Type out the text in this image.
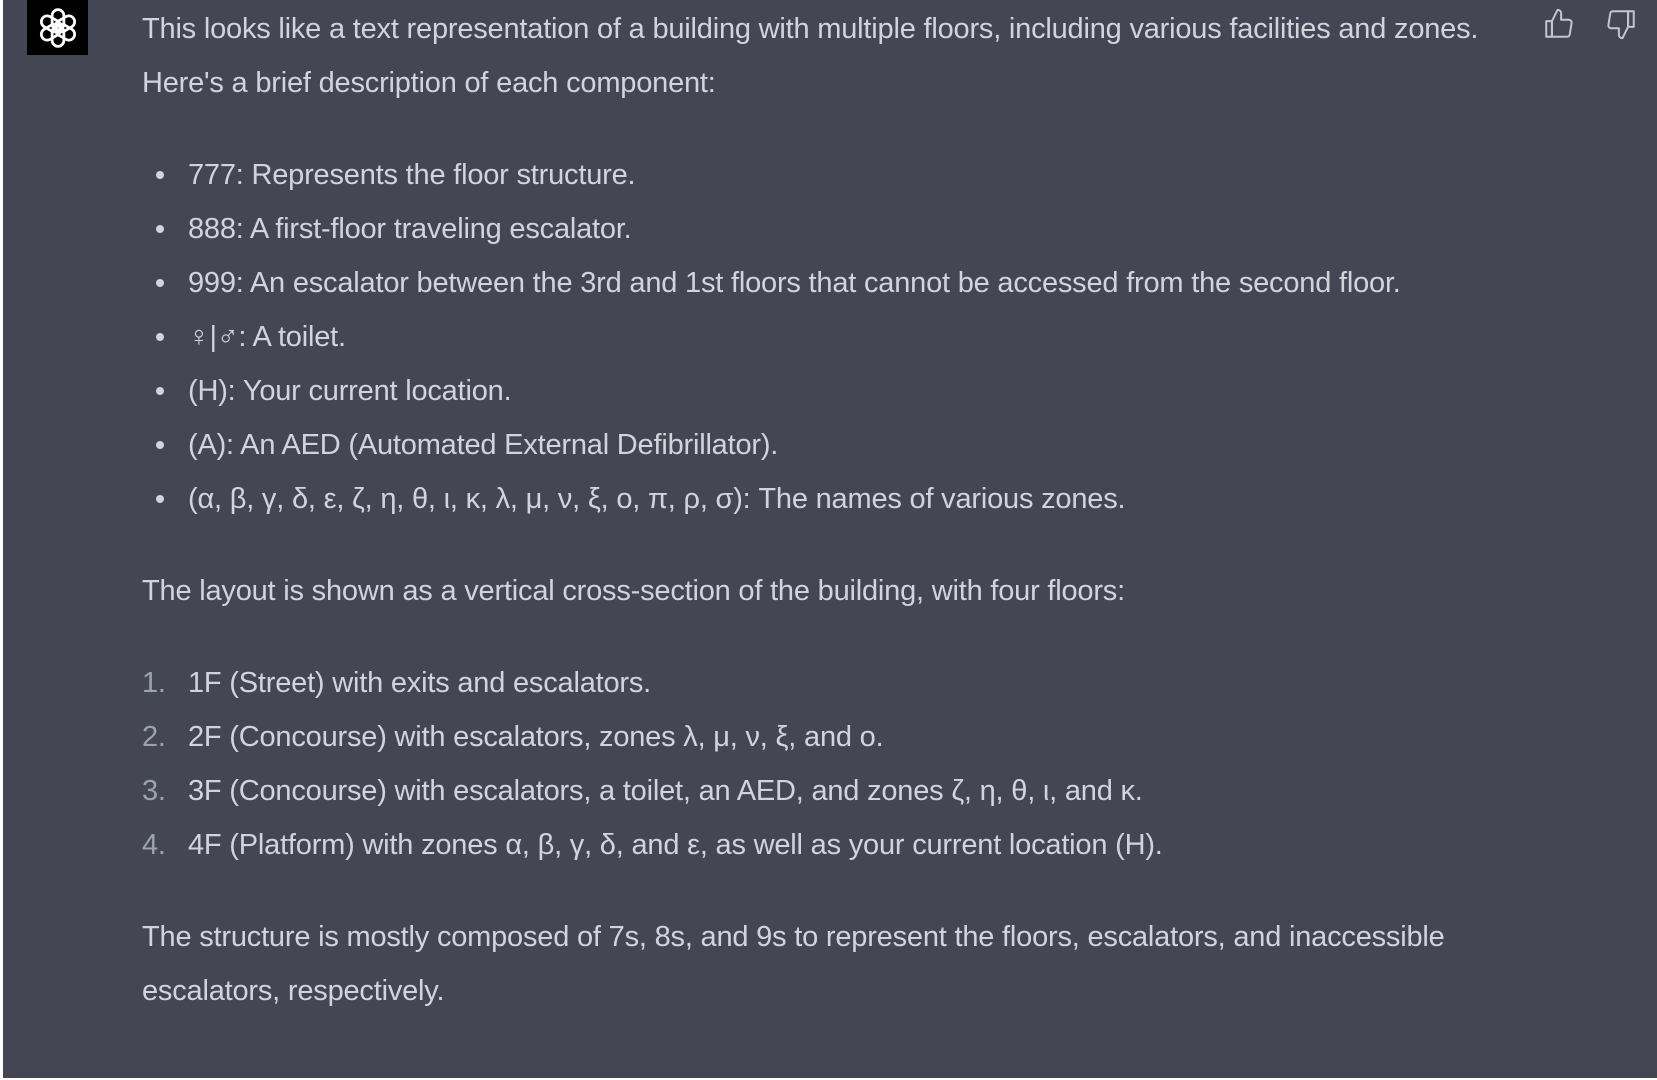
This looks like a text representation of a building with multiple floors, including various facilities and zones. Here's a brief description of each component:

777: Represents the floor structure.
888: A first-floor traveling escalator.
999: An escalator between the 3rd and 1st floors that cannot be accessed from the second floor.
♀|♂: A toilet.
(H): Your current location.
(A): An AED (Automated External Defibrillator).
(α, β, γ, δ, ε, ζ, η, θ, ι, κ, λ, μ, ν, ξ, ο, π, ρ, σ): The names of various zones.

The layout is shown as a vertical cross-section of the building, with four floors:

1. 1F (Street) with exits and escalators.
2. 2F (Concourse) with escalators, zones λ, μ, ν, ξ, and ο.
3. 3F (Concourse) with escalators, a toilet, an AED, and zones ζ, η, θ, ι, and κ.
4. 4F (Platform) with zones α, β, γ, δ, and ε, as well as your current location (H).

The structure is mostly composed of 7s, 8s, and 9s to represent the floors, escalators, and inaccessible escalators, respectively.
